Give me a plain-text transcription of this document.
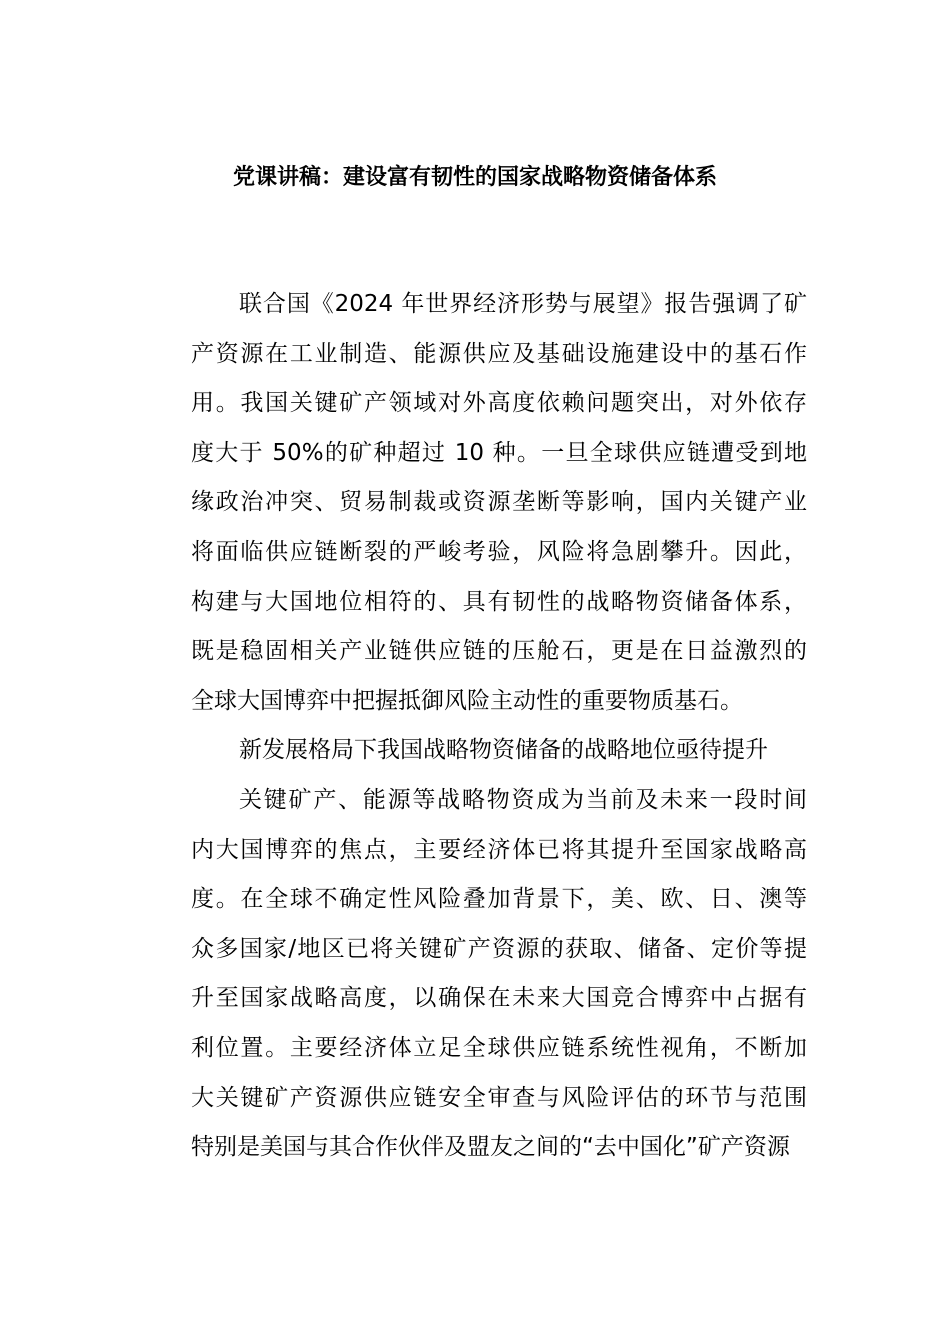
党课讲稿：建设富有韧性的国家战略物资储备体系
联合国《2024 年世界经济形势与展望》报告强调了矿
产资源在工业制造、能源供应及基础设施建设中的基石作
用。我国关键矿产领域对外高度依赖问题突出，对外依存
度大于 50%的矿种超过 10 种。一旦全球供应链遭受到地
缘政治冲突、贸易制裁或资源垄断等影响，国内关键产业
将面临供应链断裂的严峻考验，风险将急剧攀升。因此，
构建与大国地位相符的、具有韧性的战略物资储备体系，
既是稳固相关产业链供应链的压舱石，更是在日益激烈的
全球大国博弈中把握抵御风险主动性的重要物质基石。
新发展格局下我国战略物资储备的战略地位亟待提升
关键矿产、能源等战略物资成为当前及未来一段时间
内大国博弈的焦点，主要经济体已将其提升至国家战略高
度。在全球不确定性风险叠加背景下，美、欧、日、澳等
众多国家/地区已将关键矿产资源的获取、储备、定价等提
升至国家战略高度，以确保在未来大国竞合博弈中占据有
利位置。主要经济体立足全球供应链系统性视角，不断加
大关键矿产资源供应链安全审查与风险评估的环节与范围
特别是美国与其合作伙伴及盟友之间的“去中国化”矿产资源
